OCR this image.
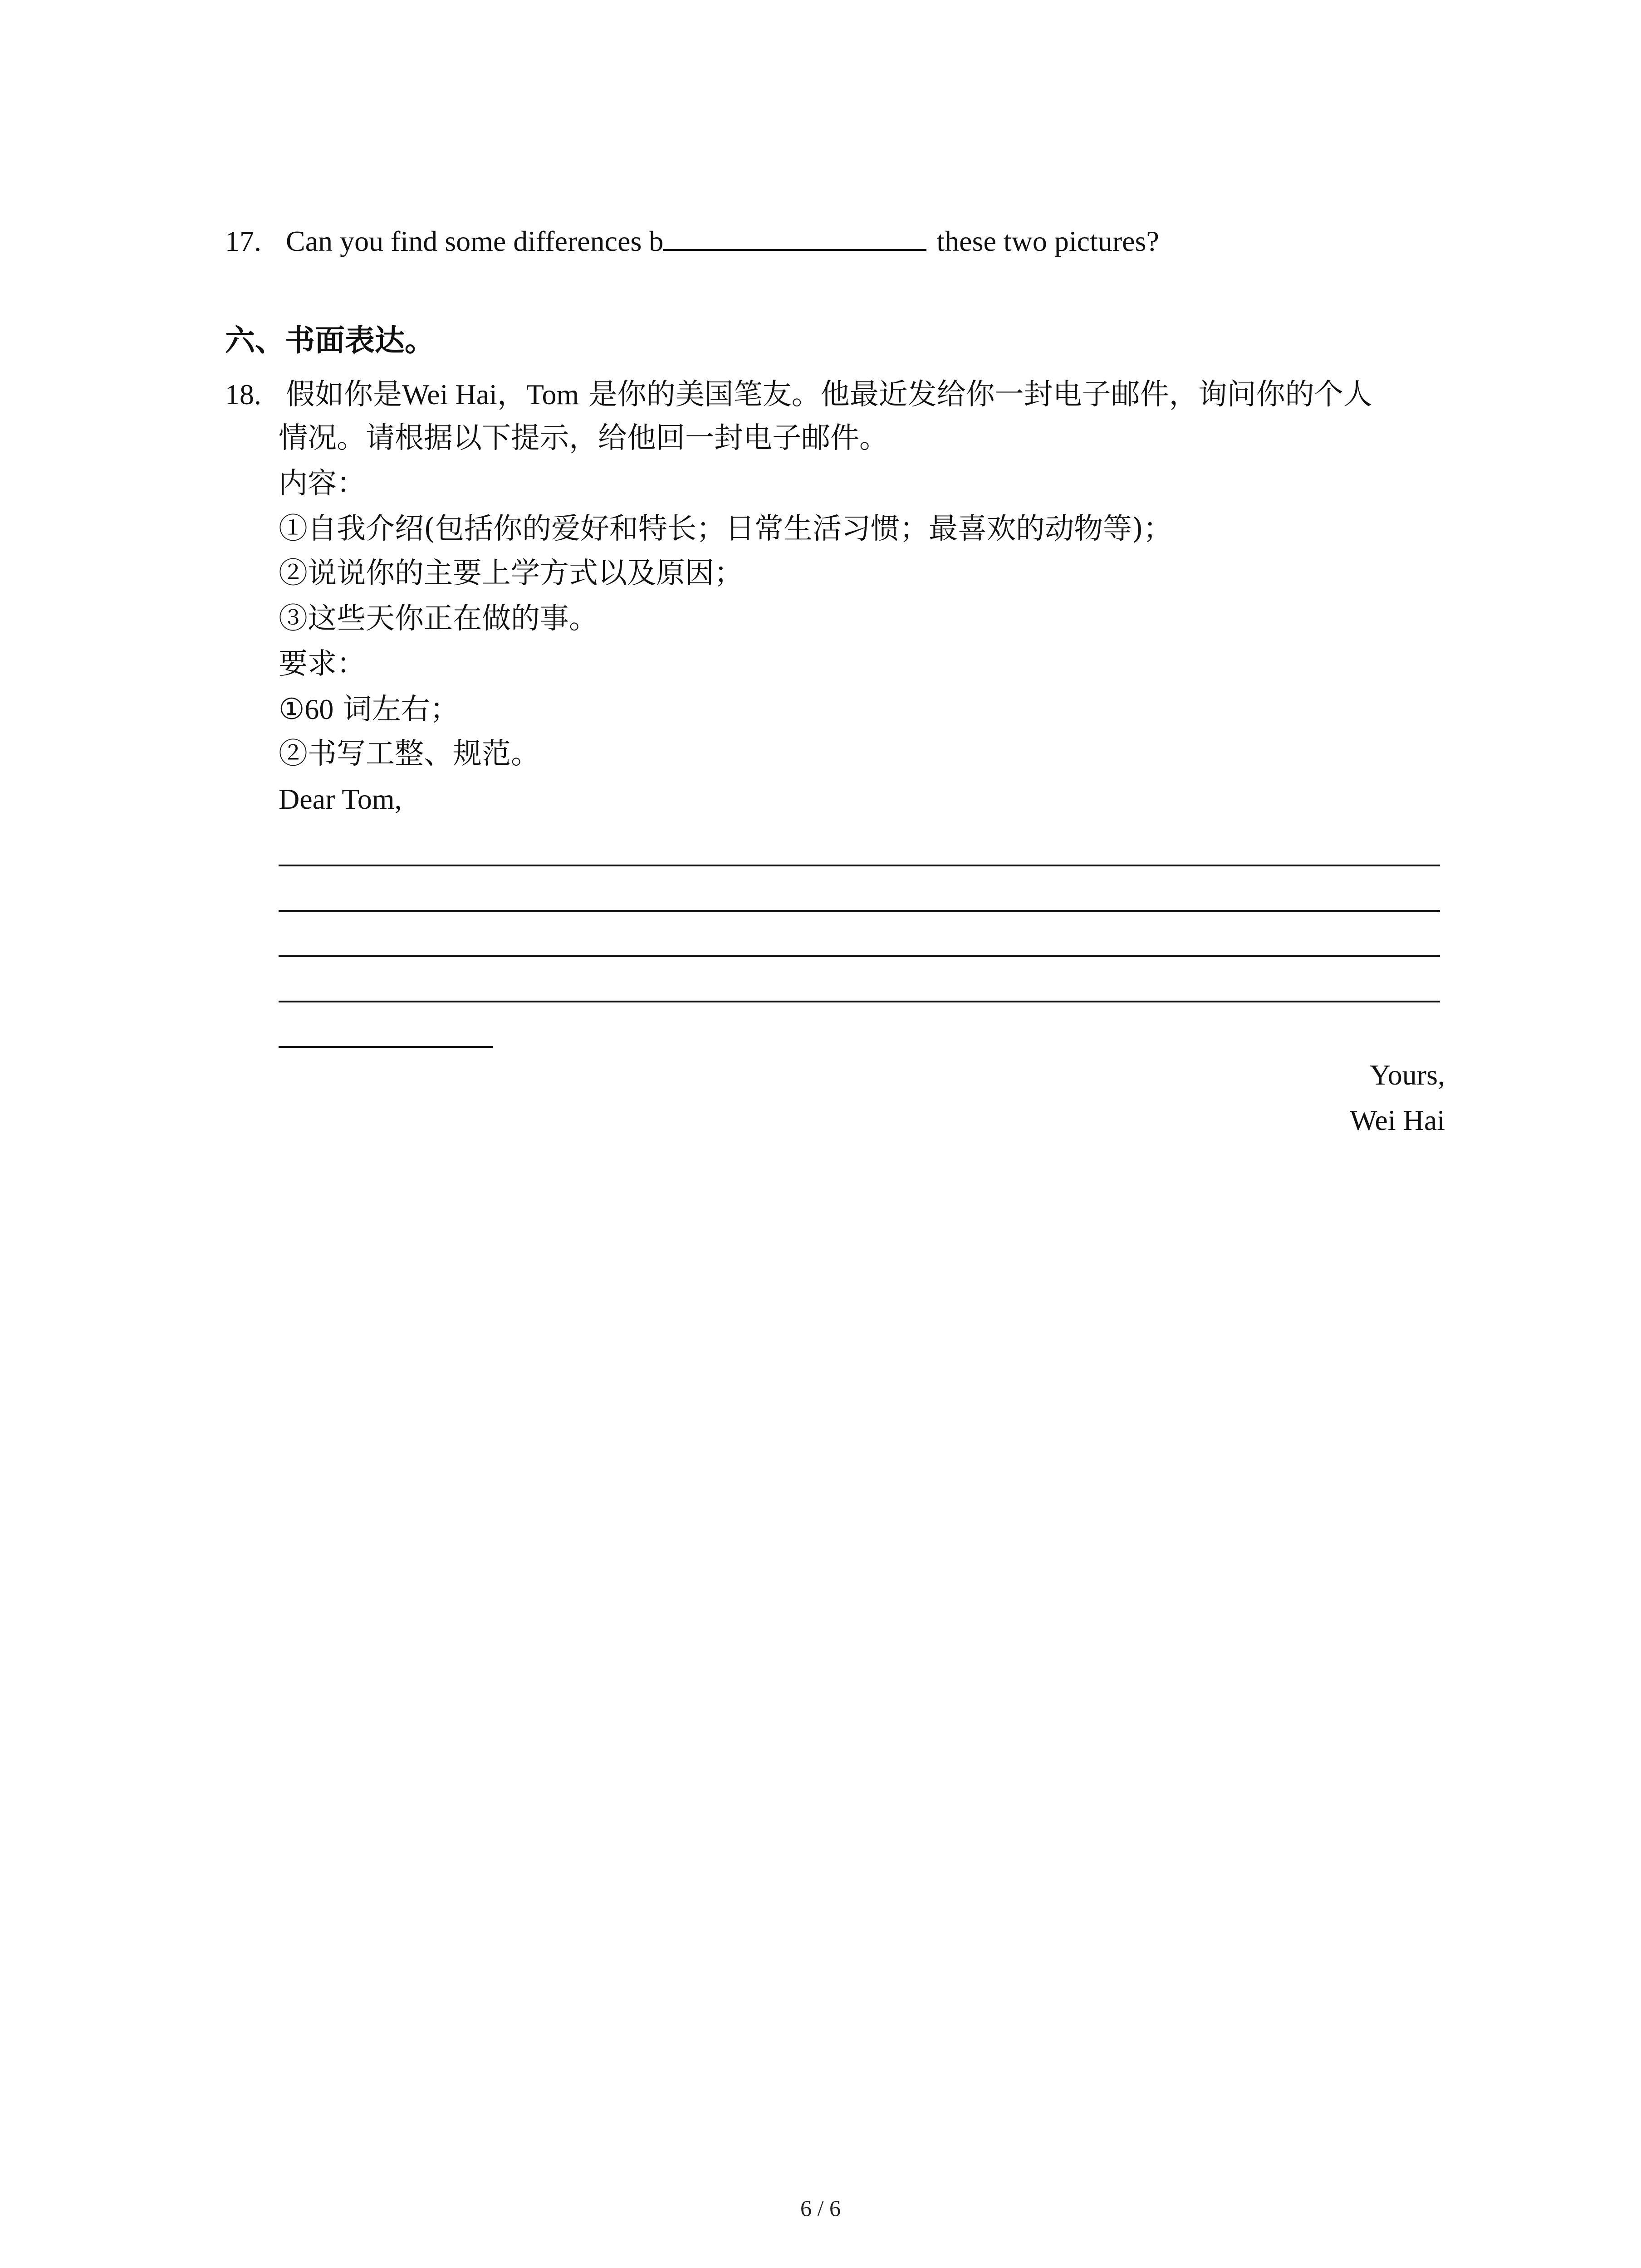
17. Can you find some differences b	these two pictures?
六、书面表达。
18. 假如你是Wei Hai，Tom 是你的美国笔友。他最近发给你一封电子邮件，询问你的个人
情况。请根据以下提示，给他回一封电子邮件。
内容：
①自我介绍(包括你的爱好和特长；日常生活习惯；最喜欢的动物等)；
②说说你的主要上学方式以及原因；
③这些天你正在做的事。
要求：
①60 词左右；
②书写工整、规范。
Dear Tom,
Yours,
Wei Hai
6 / 6
